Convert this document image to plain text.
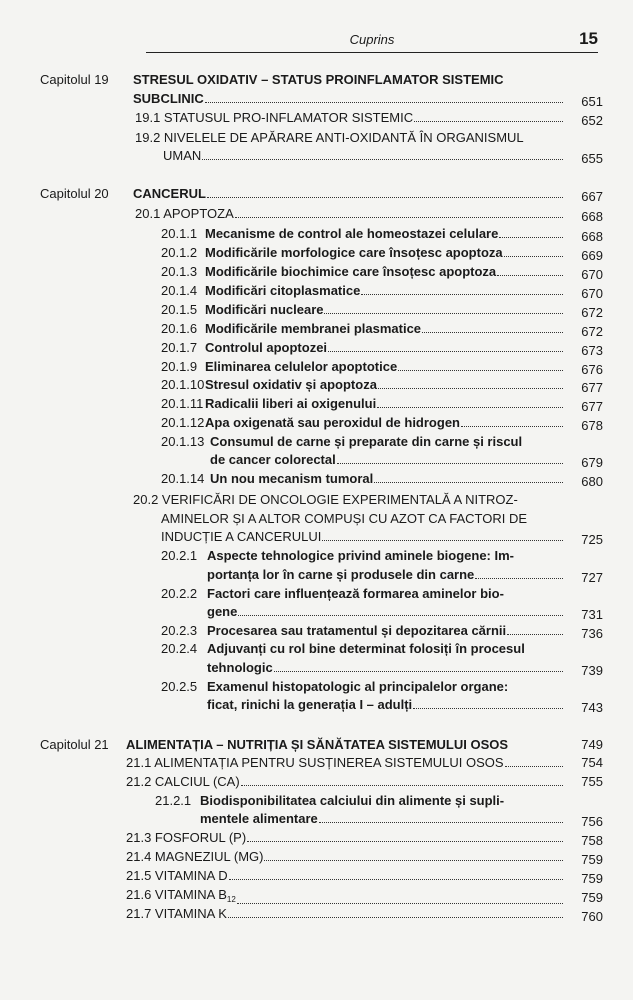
Cuprins	15
Capitolul 19 STRESUL OXIDATIV – STATUS PROINFLAMATOR SISTEMIC
SUBCLINIC	651
19.1 STATUSUL PRO-INFLAMATOR SISTEMIC	652
19.2 NIVELELE DE APĂRARE ANTI-OXIDANTĂ ÎN ORGANISMUL
UMAN	655
Capitolul 20 CANCERUL	667
20.1 APOPTOZA	668
20.1.1 Mecanisme de control ale homeostazei celulare	668
20.1.2 Modificările morfologice care însoțesc apoptoza	669
20.1.3 Modificările biochimice care însoțesc apoptoza	670
20.1.4 Modificări citoplasmatice	670
20.1.5 Modificări nucleare	672
20.1.6 Modificările membranei plasmatice	672
20.1.7 Controlul apoptozei	673
20.1.9 Eliminarea celulelor apoptotice	676
20.1.10 Stresul oxidativ și apoptoza	677
20.1.11 Radicalii liberi ai oxigenului	677
20.1.12 Apa oxigenată sau peroxidul de hidrogen	678
20.1.13 Consumul de carne și preparate din carne și riscul
de cancer colorectal	679
20.1.14 Un nou mecanism tumoral	680
20.2 VERIFICĂRI DE ONCOLOGIE EXPERIMENTALĂ A NITROZ-
AMINELOR ȘI A ALTOR COMPUȘI CU AZOT CA FACTORI DE
INDUCȚIE A CANCERULUI	725
20.2.1 Aspecte tehnologice privind aminele biogene: Im-
portanța lor în carne și produsele din carne	727
20.2.2 Factori care influențează formarea aminelor bio-
gene	731
20.2.3 Procesarea sau tratamentul și depozitarea cărnii	736
20.2.4 Adjuvanți cu rol bine determinat folosiți în procesul
tehnologic	739
20.2.5 Examenul histopatologic al principalelor organe:
ficat, rinichi la generația I – adulți	743
Capitolul 21 ALIMENTAȚIA – NUTRIȚIA ȘI SĂNĂTATEA SISTEMULUI OSOS	749
21.1 ALIMENTAȚIA PENTRU SUSȚINEREA SISTEMULUI OSOS	754
21.2 CALCIUL (CA)	755
21.2.1 Biodisponibilitatea calciului din alimente și supli-
mentele alimentare	756
21.3 FOSFORUL (P)	758
21.4 MAGNEZIUL (MG)	759
21.5 VITAMINA D	759
21.6 VITAMINA $B_{12}$	759
21.7 VITAMINA K	760
